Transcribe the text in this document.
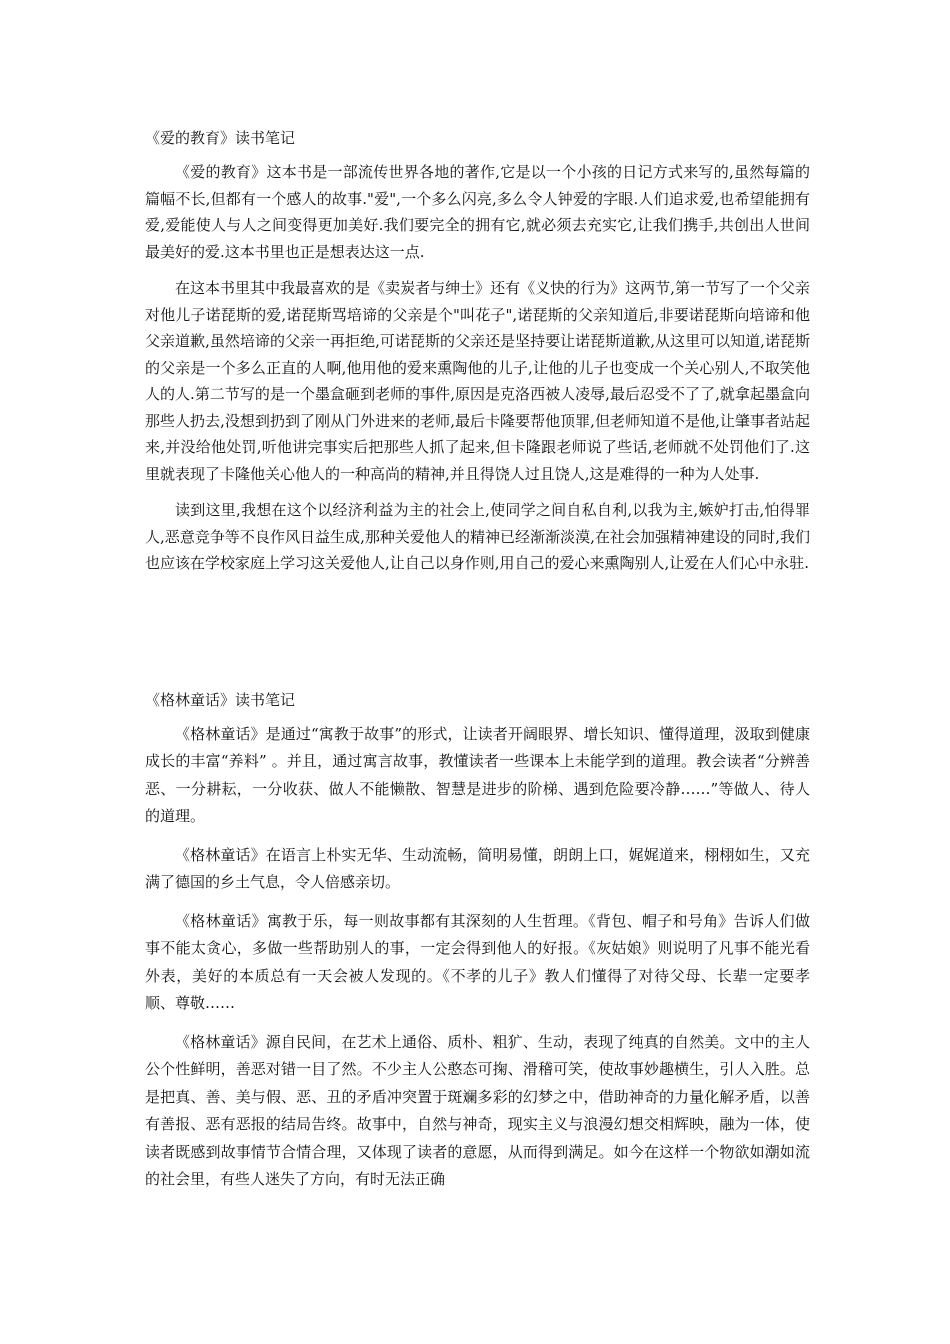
《爱的教育》读书笔记

《爱的教育》这本书是一部流传世界各地的著作,它是以一个小孩的日记方式来写的,虽然每篇的篇幅不长,但都有一个感人的故事."爱",一个多么闪亮,多么令人钟爱的字眼.人们追求爱,也希望能拥有爱,爱能使人与人之间变得更加美好.我们要完全的拥有它,就必须去充实它,让我们携手,共创出人世间最美好的爱.这本书里也正是想表达这一点.

在这本书里其中我最喜欢的是《卖炭者与绅士》还有《义快的行为》这两节,第一节写了一个父亲对他儿子诺琵斯的爱,诺琵斯骂培谛的父亲是个"叫花子",诺琵斯的父亲知道后,非要诺琵斯向培谛和他父亲道歉,虽然培谛的父亲一再拒绝,可诺琵斯的父亲还是坚持要让诺琵斯道歉,从这里可以知道,诺琵斯的父亲是一个多么正直的人啊,他用他的爱来熏陶他的儿子,让他的儿子也变成一个关心别人,不取笑他人的人.第二节写的是一个墨盒砸到老师的事件,原因是克洛西被人凌辱,最后忍受不了了,就拿起墨盒向那些人扔去,没想到扔到了刚从门外进来的老师,最后卡隆要帮他顶罪,但老师知道不是他,让肇事者站起来,并没给他处罚,听他讲完事实后把那些人抓了起来,但卡隆跟老师说了些话,老师就不处罚他们了.这里就表现了卡隆他关心他人的一种高尚的精神,并且得饶人过且饶人,这是难得的一种为人处事.

读到这里,我想在这个以经济利益为主的社会上,使同学之间自私自利,以我为主,嫉妒打击,怕得罪人,恶意竞争等不良作风日益生成,那种关爱他人的精神已经渐渐淡漠,在社会加强精神建设的同时,我们也应该在学校家庭上学习这关爱他人,让自己以身作则,用自己的爱心来熏陶别人,让爱在人们心中永驻.

《格林童话》读书笔记

《格林童话》是通过“寓教于故事”的形式，让读者开阔眼界、增长知识、懂得道理，汲取到健康成长的丰富“养料” 。并且，通过寓言故事，教懂读者一些课本上未能学到的道理。教会读者“分辨善恶、一分耕耘，一分收获、做人不能懒散、智慧是进步的阶梯、遇到危险要冷静……”等做人、待人的道理。

《格林童话》在语言上朴实无华、生动流畅，简明易懂，朗朗上口，娓娓道来，栩栩如生，又充满了德国的乡土气息，令人倍感亲切。

《格林童话》寓教于乐，每一则故事都有其深刻的人生哲理。《背包、帽子和号角》告诉人们做事不能太贪心，多做一些帮助别人的事，一定会得到他人的好报。《灰姑娘》则说明了凡事不能光看外表，美好的本质总有一天会被人发现的。《不孝的儿子》教人们懂得了对待父母、长辈一定要孝顺、尊敬……

《格林童话》源自民间，在艺术上通俗、质朴、粗犷、生动，表现了纯真的自然美。文中的主人公个性鲜明，善恶对错一目了然。不少主人公憨态可掬、滑稽可笑，使故事妙趣横生，引人入胜。总是把真、善、美与假、恶、丑的矛盾冲突置于斑斓多彩的幻梦之中，借助神奇的力量化解矛盾，以善有善报、恶有恶报的结局告终。故事中，自然与神奇，现实主义与浪漫幻想交相辉映，融为一体，使读者既感到故事情节合情合理，又体现了读者的意愿，从而得到满足。如今在这样一个物欲如潮如流的社会里，有些人迷失了方向，有时无法正确
